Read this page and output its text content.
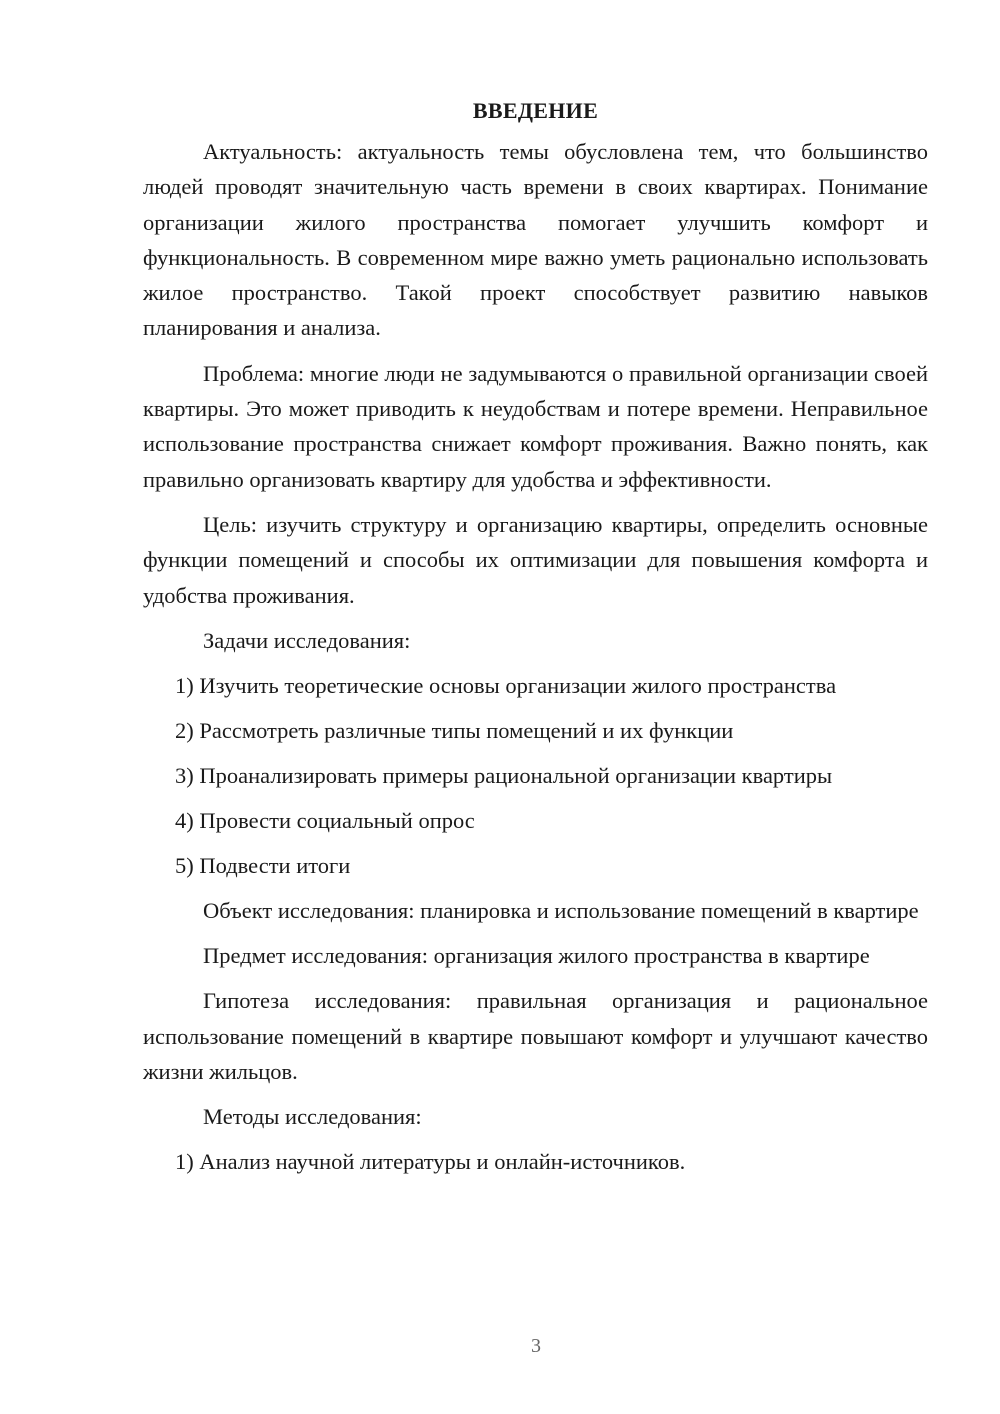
ВВЕДЕНИЕ

Актуальность: актуальность темы обусловлена тем, что большинство людей проводят значительную часть времени в своих квартирах. Понимание организации жилого пространства помогает улучшить комфорт и функциональность. В современном мире важно уметь рационально использовать жилое пространство. Такой проект способствует развитию навыков планирования и анализа.

Проблема: многие люди не задумываются о правильной организации своей квартиры. Это может приводить к неудобствам и потере времени. Неправильное использование пространства снижает комфорт проживания. Важно понять, как правильно организовать квартиру для удобства и эффективности.

Цель: изучить структуру и организацию квартиры, определить основные функции помещений и способы их оптимизации для повышения комфорта и удобства проживания.

Задачи исследования:
1) Изучить теоретические основы организации жилого пространства
2) Рассмотреть различные типы помещений и их функции
3) Проанализировать примеры рациональной организации квартиры
4) Провести социальный опрос
5) Подвести итоги

Объект исследования: планировка и использование помещений в квартире

Предмет исследования: организация жилого пространства в квартире

Гипотеза исследования: правильная организация и рациональное использование помещений в квартире повышают комфорт и улучшают качество жизни жильцов.

Методы исследования:
1) Анализ научной литературы и онлайн-источников.
3
